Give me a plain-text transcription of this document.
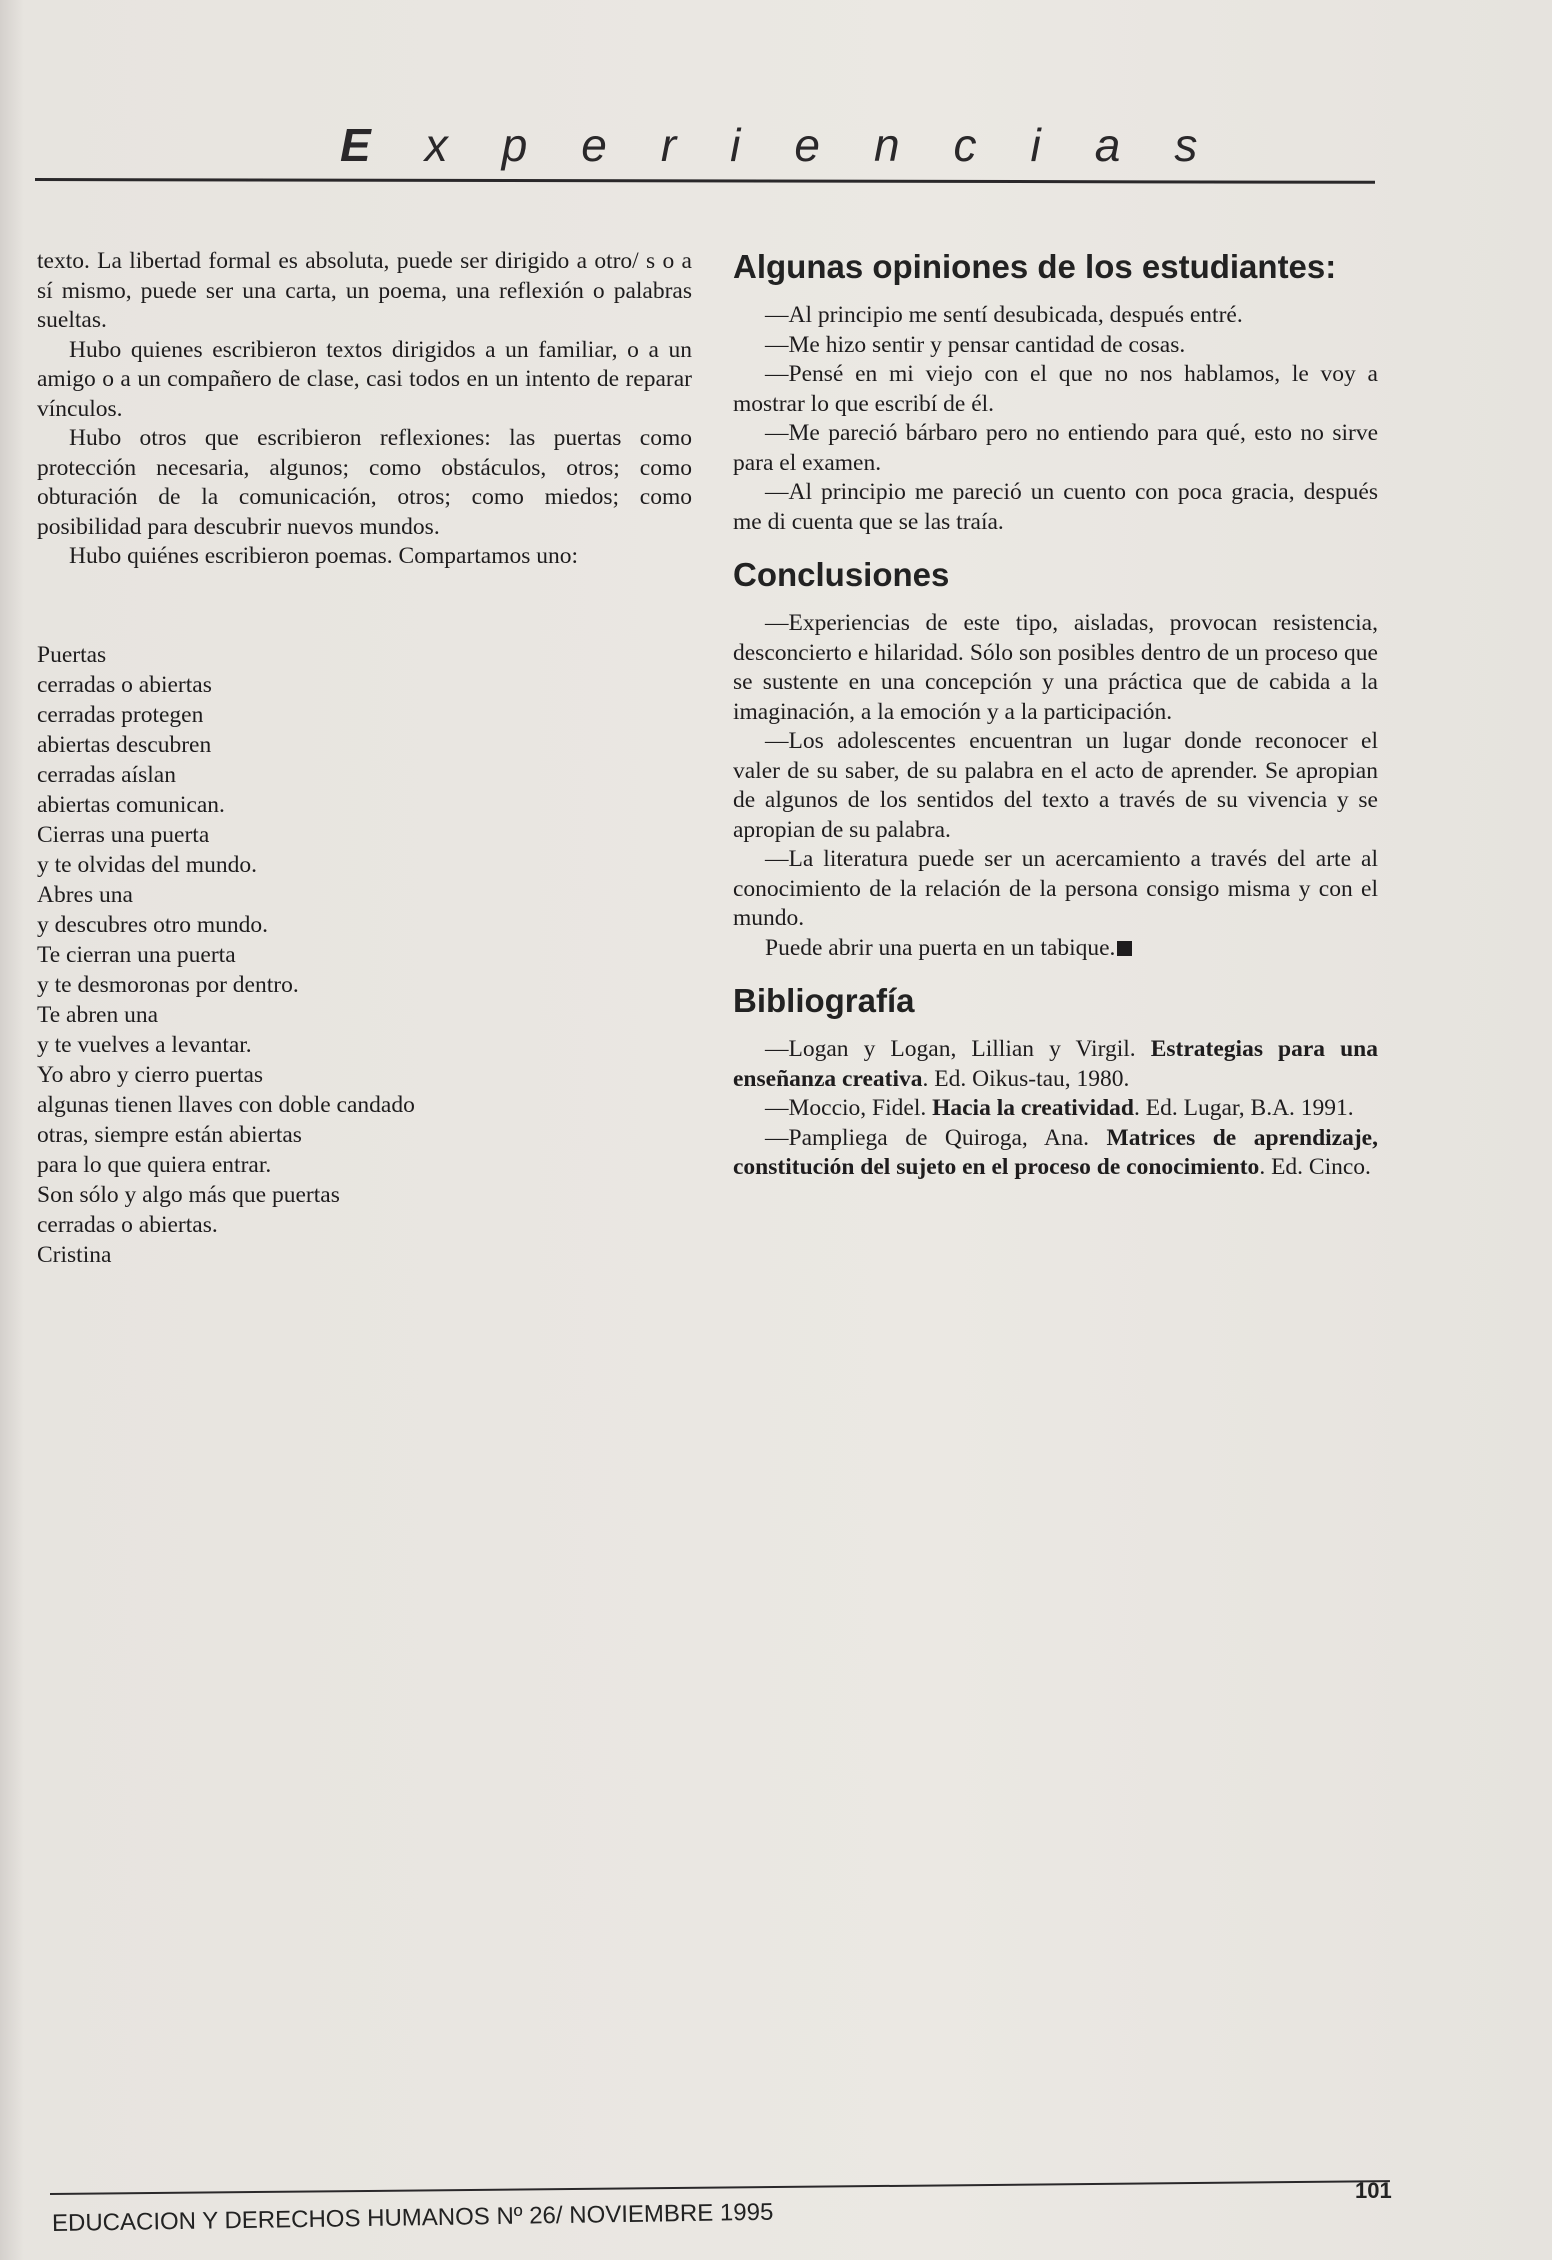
Experiencias

texto. La libertad formal es absoluta, puede ser dirigido a otro/ s o a sí mismo, puede ser una carta, un poema, una reflexión o palabras sueltas.

Hubo quienes escribieron textos dirigidos a un familiar, o a un amigo o a un compañero de clase, casi todos en un intento de reparar vínculos.

Hubo otros que escribieron reflexiones: las puertas como protección necesaria, algunos; como obstáculos, otros; como obturación de la comunicación, otros; como miedos; como posibilidad para descubrir nuevos mundos.

Hubo quiénes escribieron poemas. Compartamos uno:

Puertas
cerradas o abiertas
cerradas protegen
abiertas descubren
cerradas aíslan
abiertas comunican.
Cierras una puerta
y te olvidas del mundo.
Abres una
y descubres otro mundo.
Te cierran una puerta
y te desmoronas por dentro.
Te abren una
y te vuelves a levantar.
Yo abro y cierro puertas
algunas tienen llaves con doble candado
otras, siempre están abiertas
para lo que quiera entrar.
Son sólo y algo más que puertas
cerradas o abiertas.
Cristina
Algunas opiniones de los estudiantes:

—Al principio me sentí desubicada, después entré.

—Me hizo sentir y pensar cantidad de cosas.

—Pensé en mi viejo con el que no nos hablamos, le voy a mostrar lo que escribí de él.

—Me pareció bárbaro pero no entiendo para qué, esto no sirve para el examen.

—Al principio me pareció un cuento con poca gracia, después me di cuenta que se las traía.

Conclusiones

—Experiencias de este tipo, aisladas, provocan resistencia, desconcierto e hilaridad. Sólo son posibles dentro de un proceso que se sustente en una concepción y una práctica que de cabida a la imaginación, a la emoción y a la participación.

—Los adolescentes encuentran un lugar donde reconocer el valer de su saber, de su palabra en el acto de aprender. Se apropian de algunos de los sentidos del texto a través de su vivencia y se apropian de su palabra.

—La literatura puede ser un acercamiento a través del arte al conocimiento de la relación de la persona consigo misma y con el mundo.

Puede abrir una puerta en un tabique.

Bibliografía

—Logan y Logan, Lillian y Virgil. Estrategias para una enseñanza creativa. Ed. Oikus-tau, 1980.

—Moccio, Fidel. Hacia la creatividad. Ed. Lugar, B.A. 1991.

—Pampliega de Quiroga, Ana. Matrices de aprendizaje, constitución del sujeto en el proceso de conocimiento. Ed. Cinco.

EDUCACION Y DERECHOS HUMANOS Nº 26/ NOVIEMBRE 1995
101
